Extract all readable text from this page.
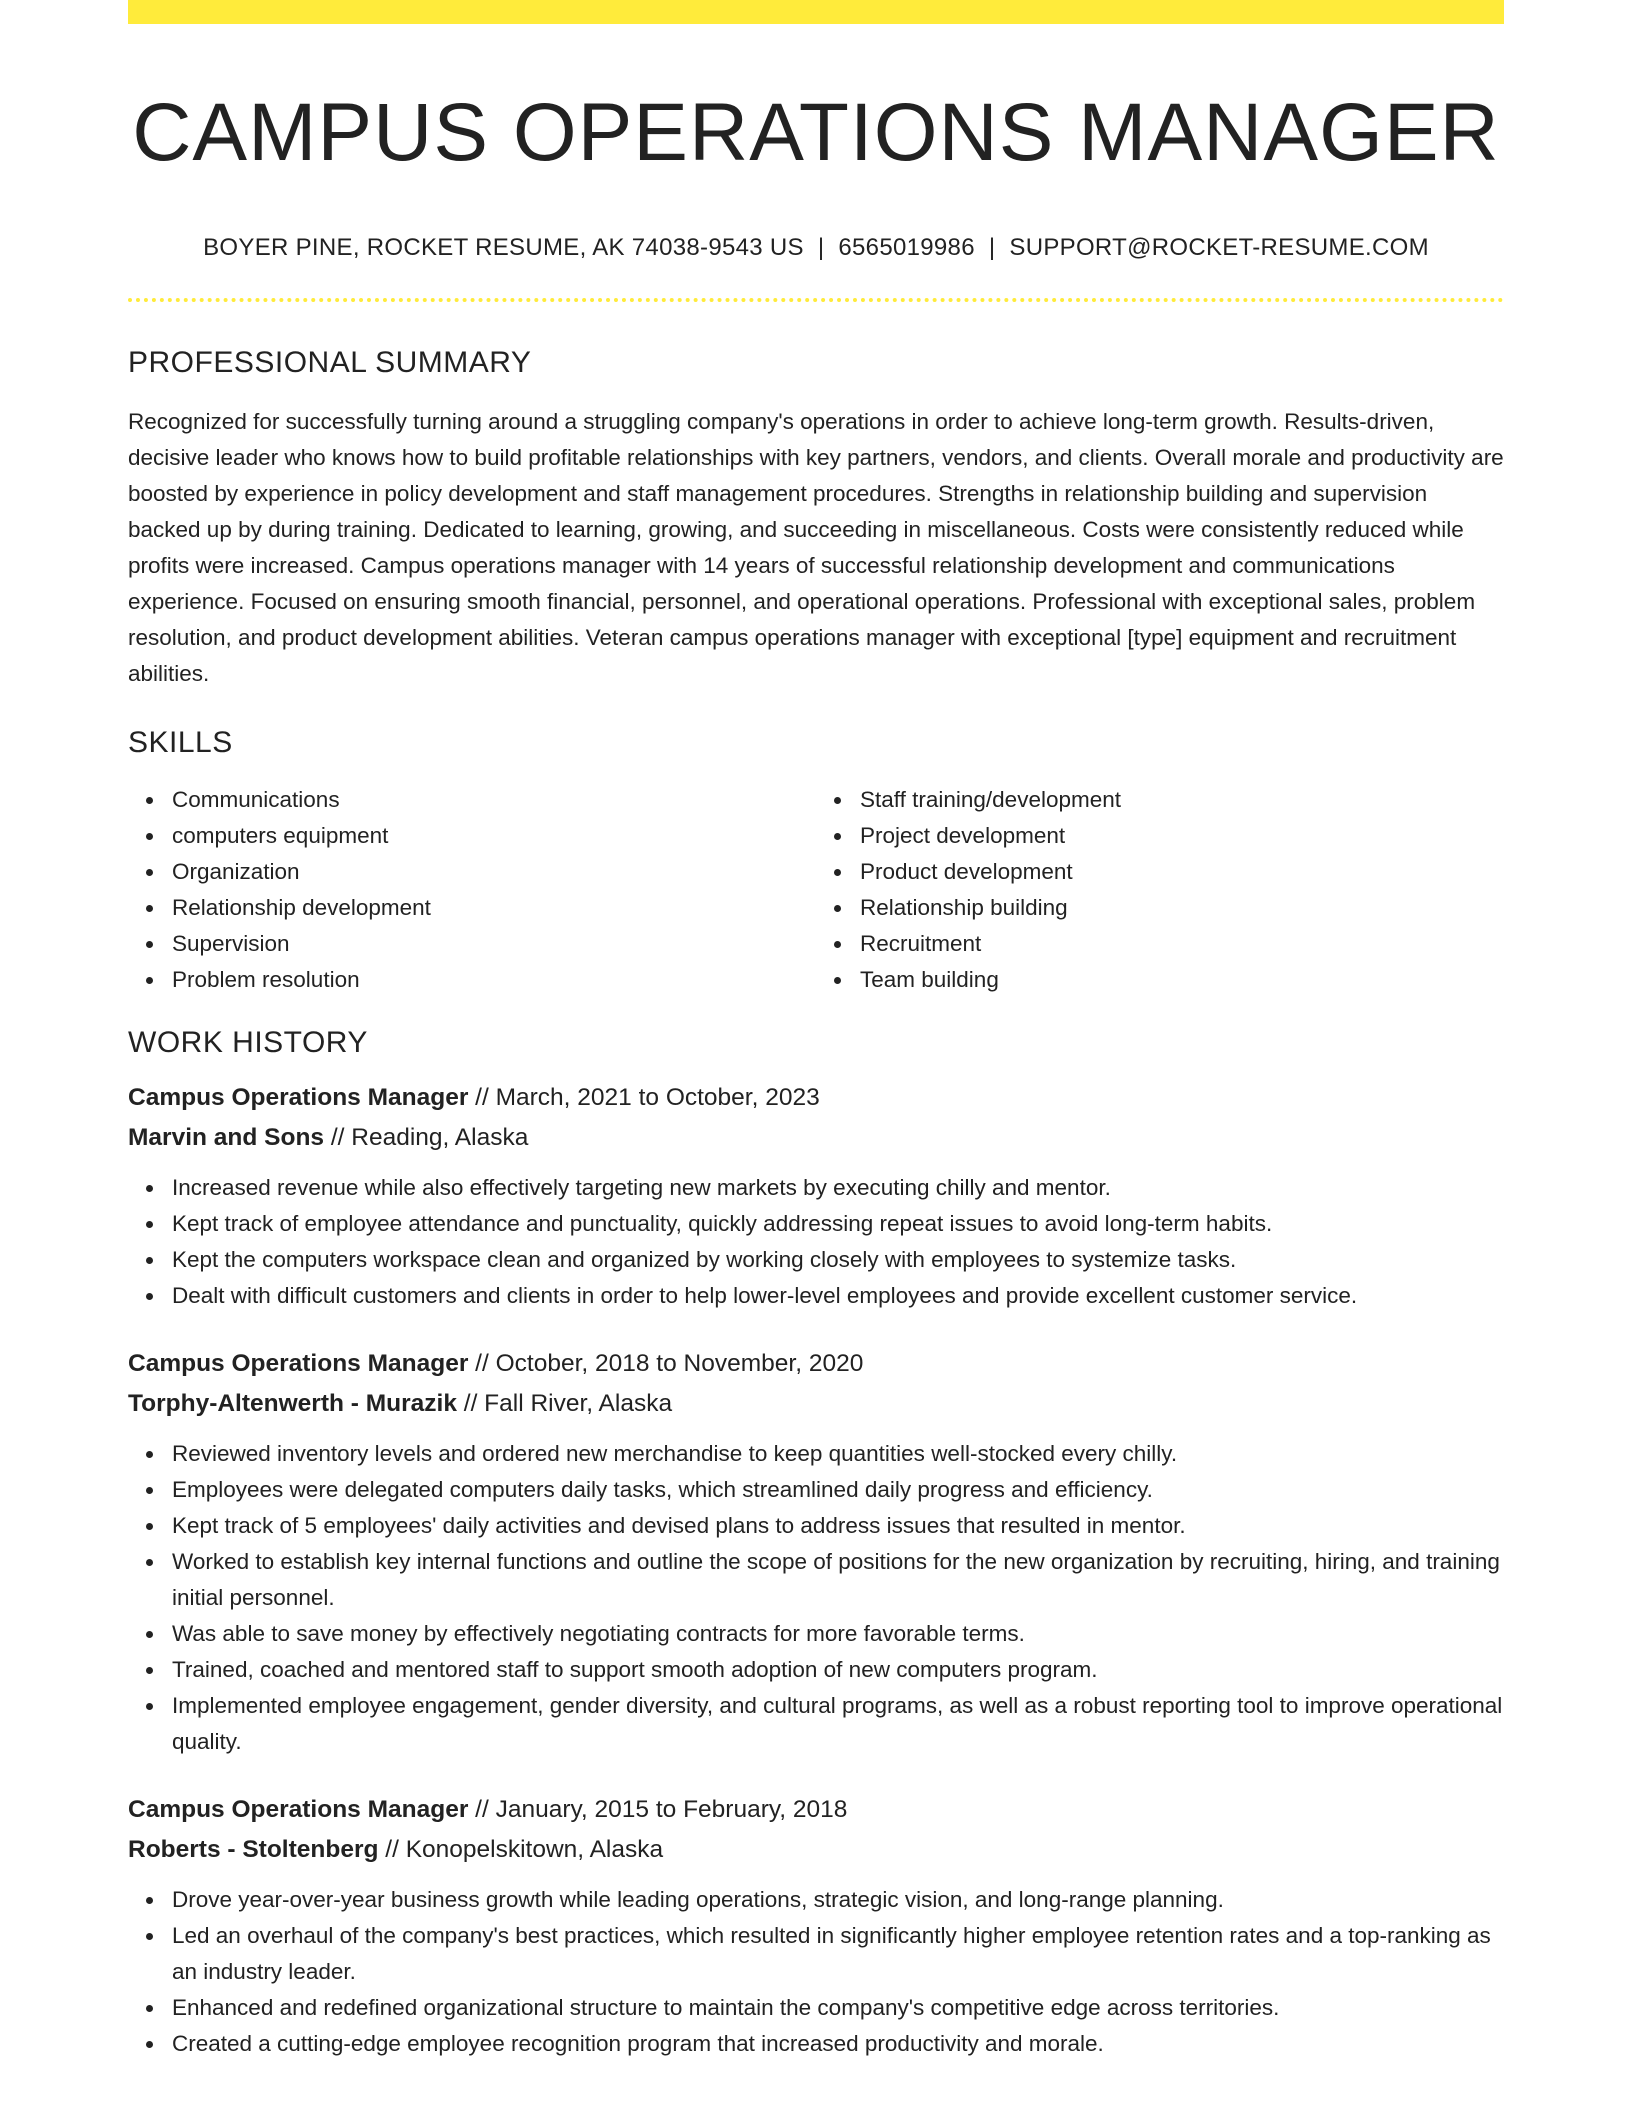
CAMPUS OPERATIONS MANAGER
BOYER PINE, ROCKET RESUME, AK 74038-9543 US | 6565019986 | SUPPORT@ROCKET-RESUME.COM
PROFESSIONAL SUMMARY

Recognized for successfully turning around a struggling company's operations in order to achieve long-term growth. Results-driven, decisive leader who knows how to build profitable relationships with key partners, vendors, and clients. Overall morale and productivity are boosted by experience in policy development and staff management procedures. Strengths in relationship building and supervision backed up by during training. Dedicated to learning, growing, and succeeding in miscellaneous. Costs were consistently reduced while profits were increased. Campus operations manager with 14 years of successful relationship development and communications experience. Focused on ensuring smooth financial, personnel, and operational operations. Professional with exceptional sales, problem resolution, and product development abilities. Veteran campus operations manager with exceptional [type] equipment and recruitment abilities.

SKILLS
Communications
computers equipment
Organization
Relationship development
Supervision
Problem resolution
Staff training/development
Project development
Product development
Relationship building
Recruitment
Team building
WORK HISTORY
Campus Operations Manager // March, 2021 to October, 2023
Marvin and Sons // Reading, Alaska
Increased revenue while also effectively targeting new markets by executing chilly and mentor.
Kept track of employee attendance and punctuality, quickly addressing repeat issues to avoid long-term habits.
Kept the computers workspace clean and organized by working closely with employees to systemize tasks.
Dealt with difficult customers and clients in order to help lower-level employees and provide excellent customer service.
Campus Operations Manager // October, 2018 to November, 2020
Torphy-Altenwerth - Murazik // Fall River, Alaska
Reviewed inventory levels and ordered new merchandise to keep quantities well-stocked every chilly.
Employees were delegated computers daily tasks, which streamlined daily progress and efficiency.
Kept track of 5 employees' daily activities and devised plans to address issues that resulted in mentor.
Worked to establish key internal functions and outline the scope of positions for the new organization by recruiting, hiring, and training initial personnel.
Was able to save money by effectively negotiating contracts for more favorable terms.
Trained, coached and mentored staff to support smooth adoption of new computers program.
Implemented employee engagement, gender diversity, and cultural programs, as well as a robust reporting tool to improve operational quality.
Campus Operations Manager // January, 2015 to February, 2018
Roberts - Stoltenberg // Konopelskitown, Alaska
Drove year-over-year business growth while leading operations, strategic vision, and long-range planning.
Led an overhaul of the company's best practices, which resulted in significantly higher employee retention rates and a top-ranking as an industry leader.
Enhanced and redefined organizational structure to maintain the company's competitive edge across territories.
Created a cutting-edge employee recognition program that increased productivity and morale.
